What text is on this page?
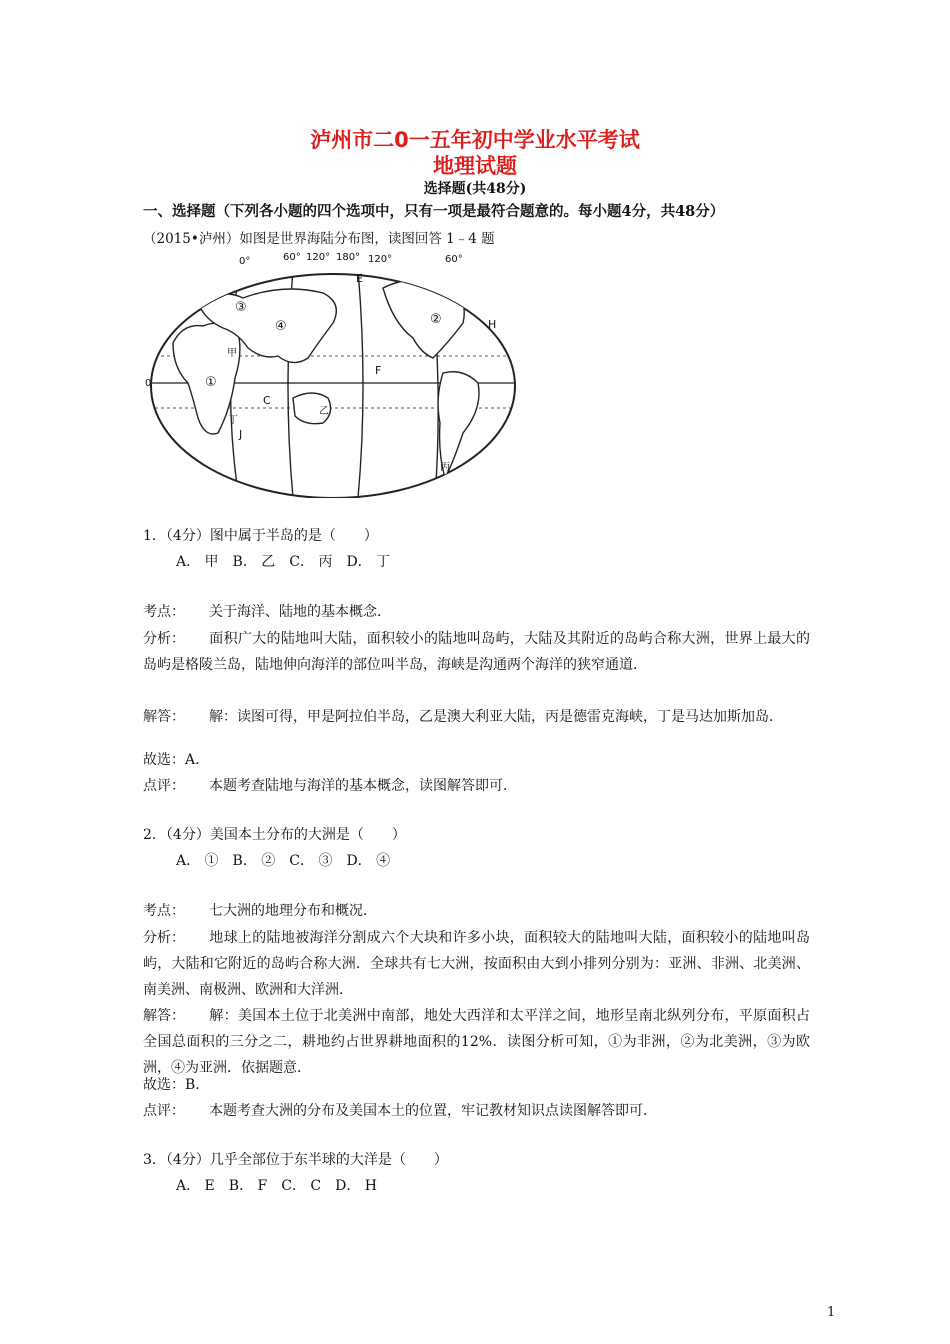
泸州市二0一五年初中学业水平考试
地理试题
选择题(共48分)
一、选择题（下列各小题的四个选项中，只有一项是最符合题意的。每小题4分，共48分）
（2015•泸州）如图是世界海陆分布图，读图回答 1﹣4 题
0°	60° 120° 180° 120°	60°
0	①
②
③
④
甲
乙
丙
丁
E
F
C
H
J
1．（4分）图中属于半岛的是（　　）
A． 甲　B． 乙　C． 丙　D． 丁
考点： 关于海洋、陆地的基本概念．
分析： 面积广大的陆地叫大陆，面积较小的陆地叫岛屿，大陆及其附近的岛屿合称大洲，世界上最大的岛屿是格陵兰岛，陆地伸向海洋的部位叫半岛，海峡是沟通两个海洋的狭窄通道．
解答： 解：读图可得，甲是阿拉伯半岛，乙是澳大利亚大陆，丙是德雷克海峡，丁是马达加斯加岛．
故选：A．
点评： 本题考查陆地与海洋的基本概念，读图解答即可．
2．（4分）美国本土分布的大洲是（　　）
A． ①　B． ②　C． ③　D． ④
考点： 七大洲的地理分布和概况．
分析： 地球上的陆地被海洋分割成六个大块和许多小块，面积较大的陆地叫大陆，面积较小的陆地叫岛屿，大陆和它附近的岛屿合称大洲．全球共有七大洲，按面积由大到小排列分别为：亚洲、非洲、北美洲、南美洲、南极洲、欧洲和大洋洲．
解答： 解：美国本土位于北美洲中南部，地处大西洋和太平洋之间，地形呈南北纵列分布，平原面积占全国总面积的三分之二，耕地约占世界耕地面积的12%．读图分析可知，①为非洲，②为北美洲，③为欧洲，④为亚洲．依据题意．
故选：B．
点评： 本题考查大洲的分布及美国本土的位置，牢记教材知识点读图解答即可．
3．（4分）几乎全部位于东半球的大洋是（　　）
A． E　B． F　C． C　D． H
1
